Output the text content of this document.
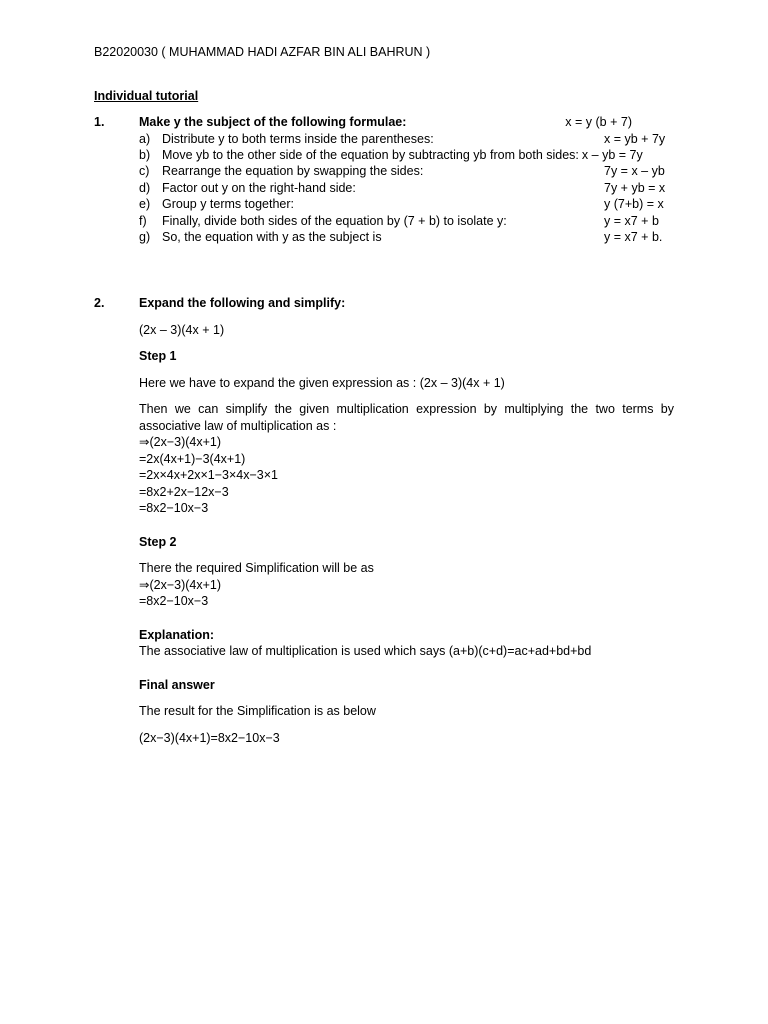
B22020030 ( MUHAMMAD HADI AZFAR BIN ALI BAHRUN )
Individual tutorial
1.	Make y the subject of the following formulae:	x = y (b + 7)
a) Distribute y to both terms inside the parentheses:	x = yb + 7y
b) Move yb to the other side of the equation by subtracting yb from both sides: x – yb = 7y
c)	Rearrange the equation by swapping the sides:	7y = x – yb
d) Factor out y on the right-hand side:	7y + yb = x
e) Group y terms together:	y (7+b) = x
f)	Finally, divide both sides of the equation by (7 + b) to isolate y:	y = x7 + b
g) So, the equation with y as the subject is	y = x7 + b.
2.	Expand the following and simplify:
(2x – 3)(4x + 1)
Step 1
Here we have to expand the given expression as : (2x – 3)(4x + 1)
Then we can simplify the given multiplication expression by multiplying the two terms by associative law of multiplication as :
⇒(2x−3)(4x+1)
=2x(4x+1)−3(4x+1)
=2x×4x+2x×1−3×4x−3×1
=8x2+2x−12x−3
=8x2−10x−3
Step 2
There the required Simplification will be as
⇒(2x−3)(4x+1)
=8x2−10x−3
Explanation:
The associative law of multiplication is used which says (a+b)(c+d)=ac+ad+bd+bd
Final answer
The result for the Simplification is as below
(2x−3)(4x+1)=8x2−10x−3
